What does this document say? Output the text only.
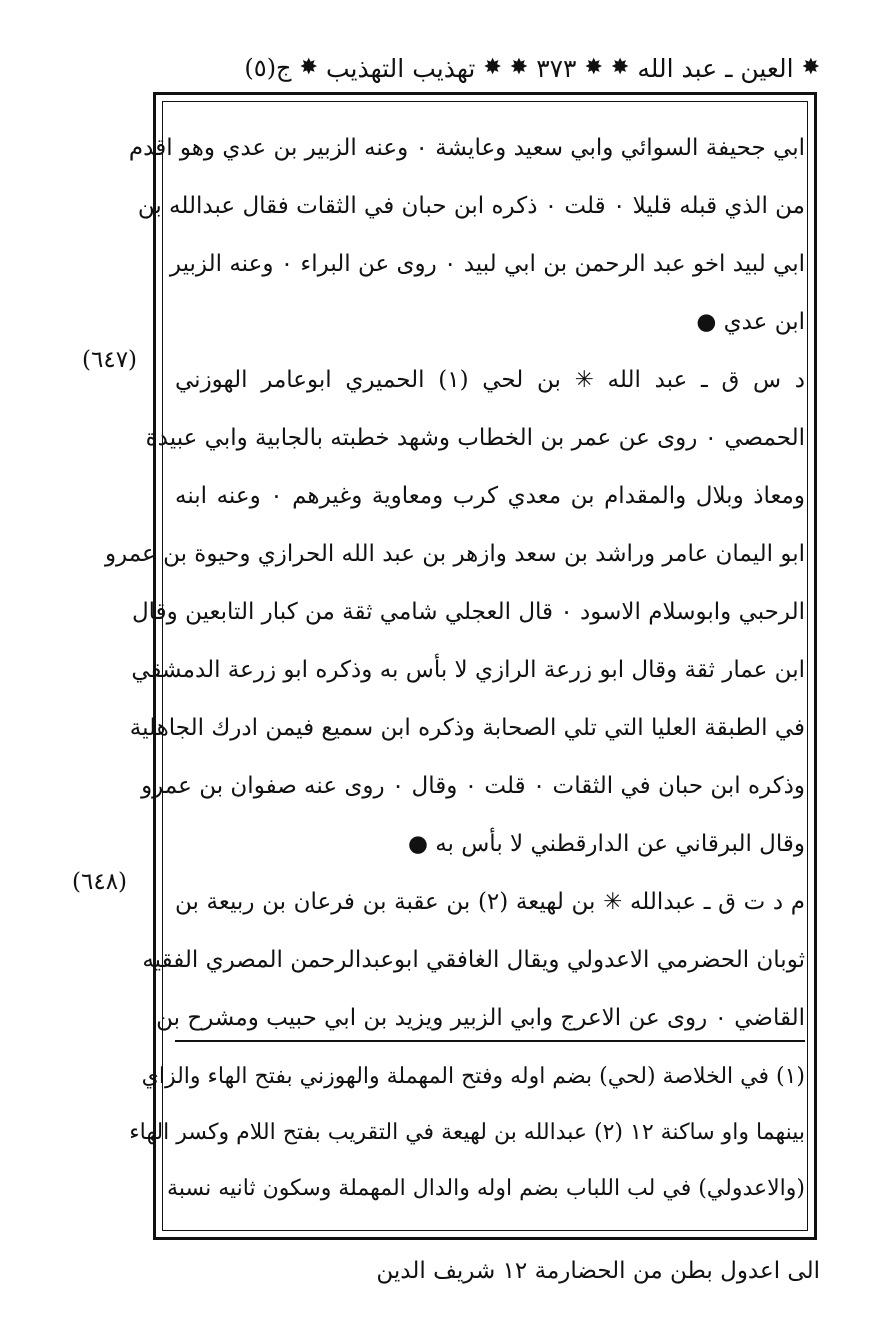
✸
العين ـ عبد الله
✸
✸
٣٧٣
✸
✸
تهذيب التهذيب
✸
ج(٥)
ابي جحيفة السوائي وابي سعيد وعايشة ٠ وعنه الزبير بن عدي وهو اقدم
من الذي قبله قليلا ٠ قلت ٠ ذكره ابن حبان في الثقات فقال عبدالله بن
ابي لبيد اخو عبد الرحمن بن ابي لبيد ٠ روى عن البراء ٠ وعنه الزبير
ابن عدي ●
د س ق ـ عبد الله ✳ بن لحي (١) الحميري ابوعامر الهوزني
الحمصي ٠ روى عن عمر بن الخطاب وشهد خطبته بالجابية وابي عبيدة
ومعاذ وبلال والمقدام بن معدي كرب ومعاوية وغيرهم ٠ وعنه ابنه
ابو اليمان عامر وراشد بن سعد وازهر بن عبد الله الحرازي وحيوة بن عمرو
الرحبي وابوسلام الاسود ٠ قال العجلي شامي ثقة من كبار التابعين وقال
ابن عمار ثقة وقال ابو زرعة الرازي لا بأس به وذكره ابو زرعة الدمشقي
في الطبقة العليا التي تلي الصحابة وذكره ابن سميع فيمن ادرك الجاهلية
وذكره ابن حبان في الثقات ٠ قلت ٠ وقال ٠ روى عنه صفوان بن عمرو
وقال البرقاني عن الدارقطني لا بأس به ●
م د ت ق ـ عبدالله ✳ بن لهيعة (٢) بن عقبة بن فرعان بن ربيعة بن
ثوبان الحضرمي الاعدولي ويقال الغافقي ابوعبدالرحمن المصري الفقيه
القاضي ٠ روى عن الاعرج وابي الزبير ويزيد بن ابي حبيب ومشرح بن
(٦٤٧)
(٦٤٨)
(١) في الخلاصة (لحي) بضم اوله وفتح المهملة والهوزني بفتح الهاء والزاي
بينهما واو ساكنة ١٢ (٢) عبدالله بن لهيعة في التقريب بفتح اللام وكسر الهاء
(والاعدولي) في لب اللباب بضم اوله والدال المهملة وسكون ثانيه نسبة
الى اعدول بطن من الحضارمة ١٢ شريف الدين
